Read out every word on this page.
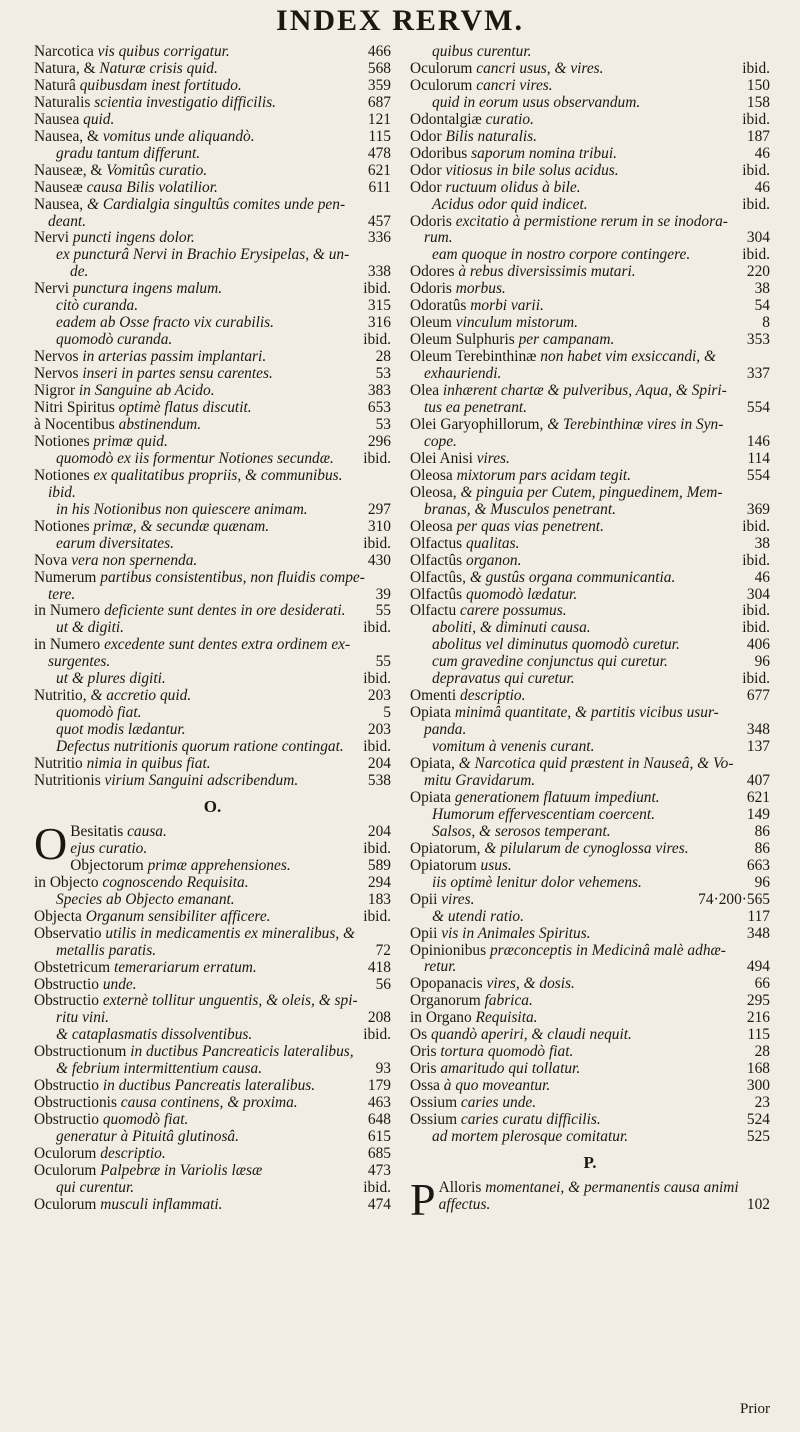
INDEX RERVM.
Narcotica vis quibus corrigatur.	466
Natura, & Naturæ crisis quid.	568
Naturâ quibusdam inest fortitudo.	359
Naturalis scientia investigatio difficilis.	687
Nausea quid.	121
Nausea, & vomitus unde aliquandò.	115
gradu tantum differunt.	478
Nauseæ, & Vomitûs curatio.	621
Nauseæ causa Bilis volatilior.	611
Nausea, & Cardialgia singultûs comites unde pen-
deant.	457
Nervi puncti ingens dolor.	336
ex puncturâ Nervi in Brachio Erysipelas, & un-
de.	338
Nervi punctura ingens malum.	ibid.
citò curanda.	315
eadem ab Osse fracto vix curabilis.	316
quomodò curanda.	ibid.
Nervos in arterias passim implantari.	28
Nervos inseri in partes sensu carentes.	53
Nigror in Sanguine ab Acido.	383
Nitri Spiritus optimè flatus discutit.	653
à Nocentibus abstinendum.	53
Notiones primæ quid.	296
quomodò ex iis formentur Notiones secundæ. ibid.
Notiones ex qualitatibus propriis, & communibus.
ibid.
in his Notionibus non quiescere animam.	297
Notiones primæ, & secundæ quænam.	310
earum diversitates.	ibid.
Nova vera non spernenda.	430
Numerum partibus consistentibus, non fluidis compe-
tere.	39
in Numero deficiente sunt dentes in ore desiderati. 55
ut & digiti.	ibid.
in Numero excedente sunt dentes extra ordinem ex-
surgentes.	55
ut & plures digiti.	ibid.
Nutritio, & accretio quid.	203
quomodò fiat.	5
quot modis lædantur.	203
Defectus nutritionis quorum ratione contingat. ibid.
Nutritio nimia in quibus fiat.	204
Nutritionis virium Sanguini adscribendum.	538
O.
O Besitatis causa.	204
ejus curatio.	ibid.
Objectorum primæ apprehensiones.	589
in Objecto cognoscendo Requisita.	294
Species ab Objecto emanant.	183
Objecta Organum sensibiliter afficere.	ibid.
Observatio utilis in medicamentis ex mineralibus, &
metallis paratis.	72
Obstetricum temerariarum erratum.	418
Obstructio unde.	56
Obstructio externè tollitur unguentis, & oleis, & spi-
ritu vini.	208
& cataplasmatis dissolventibus.	ibid.
Obstructionum in ductibus Pancreaticis lateralibus,
& febrium intermittentium causa.	93
Obstructio in ductibus Pancreatis lateralibus.	179
Obstructionis causa continens, & proxima.	463
Obstructio quomodò fiat.	648
generatur à Pituitâ glutinosâ.	615
Oculorum descriptio.	685
Oculorum Palpebræ in Variolis læsæ	473
qui curentur.	ibid.
Oculorum musculi inflammati.	474
quibus curentur.
Oculorum cancri usus, & vires.	ibid.
Oculorum cancri vires.	150
quid in eorum usus observandum.	158
Odontalgiæ curatio.	ibid.
Odor Bilis naturalis.	187
Odoribus saporum nomina tribui.	46
Odor vitiosus in bile solus acidus.	ibid.
Odor ructuum olidus à bile.	46
Acidus odor quid indicet.	ibid.
Odoris excitatio à permistione rerum in se inodora-
rum.	304
eam quoque in nostro corpore contingere.	ibid.
Odores à rebus diversissimis mutari.	220
Odoris morbus.	38
Odoratûs morbi varii.	54
Oleum vinculum mistorum.	8
Oleum Sulphuris per campanam.	353
Oleum Terebinthinæ non habet vim exsiccandi, &
exhauriendi.	337
Olea inhærent chartæ & pulveribus, Aqua, & Spiri-
tus ea penetrant.	554
Olei Garyophillorum, & Terebinthinæ vires in Syn-
cope.	146
Olei Anisi vires.	114
Oleosa mixtorum pars acidam tegit.	554
Oleosa, & pinguia per Cutem, pinguedinem, Mem-
branas, & Musculos penetrant.	369
Oleosa per quas vias penetrent.	ibid.
Olfactus qualitas.	38
Olfactûs organon.	ibid.
Olfactûs, & gustûs organa communicantia.	46
Olfactûs quomodò lædatur.	304
Olfactu carere possumus.	ibid.
aboliti, & diminuti causa.	ibid.
abolitus vel diminutus quomodò curetur.	406
cum gravedine conjunctus qui curetur.	96
depravatus qui curetur.	ibid.
Omenti descriptio.	677
Opiata minimâ quantitate, & partitis vicibus usur-
panda.	348
vomitum à venenis curant.	137
Opiata, & Narcotica quid præstent in Nauseâ, & Vo-
mitu Gravidarum.	407
Opiata generationem flatuum impediunt.	621
Humorum effervescentiam coercent.	149
Salsos, & serosos temperant.	86
Opiatorum, & pilularum de cynoglossa vires.	86
Opiatorum usus.	663
iis optimè lenitur dolor vehemens.	96
Opii vires.	74·200·565
& utendi ratio.	117
Opii vis in Animales Spiritus.	348
Opinionibus præconceptis in Medicinâ malè adhæ-
retur.	494
Opopanacis vires, & dosis.	66
Organorum fabrica.	295
in Organo Requisita.	216
Os quandò aperiri, & claudi nequit.	115
Oris tortura quomodò fiat.	28
Oris amaritudo qui tollatur.	168
Ossa à quo moveantur.	300
Ossium caries unde.	23
Ossium caries curatu difficilis.	524
ad mortem plerosque comitatur.	525
P.
P Alloris momentanei, & permanentis causa animi
affectus.	102
Prior
